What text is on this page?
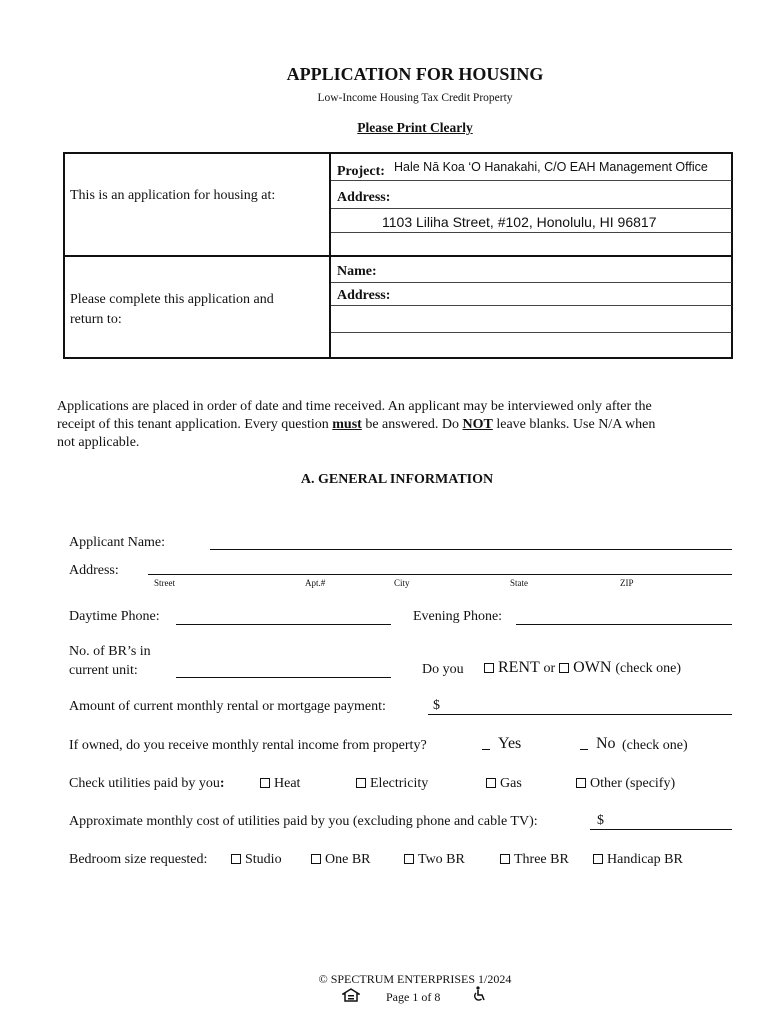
APPLICATION FOR HOUSING
Low-Income Housing Tax Credit Property
Please Print Clearly
This is an application for housing at:
Project: Hale Nā Koa ‘O Hanakahi, C/O EAH Management Office
Address:
1103 Liliha Street, #102, Honolulu, HI 96817
Please complete this application and
return to:
Name:
Address:
Applications are placed in order of date and time received. An applicant may be interviewed only after the
receipt of this tenant application. Every question must be answered. Do NOT leave blanks. Use N/A when
not applicable.
A. GENERAL INFORMATION
Applicant Name:
Address:
Street	Apt.#	City	State	ZIP
Daytime Phone:	Evening Phone:
No. of BR’s in
current unit:	Do you	RENT or OWN (check one)
Amount of current monthly rental or mortgage payment:	$
If owned, do you receive monthly rental income from property?	Yes	No (check one)
Check utilities paid by you:	Heat	Electricity	Gas	Other (specify)
Approximate monthly cost of utilities paid by you (excluding phone and cable TV):	$
Bedroom size requested:	Studio	One BR	Two BR	Three BR	Handicap BR
© SPECTRUM ENTERPRISES 1/2024
Page 1 of 8
